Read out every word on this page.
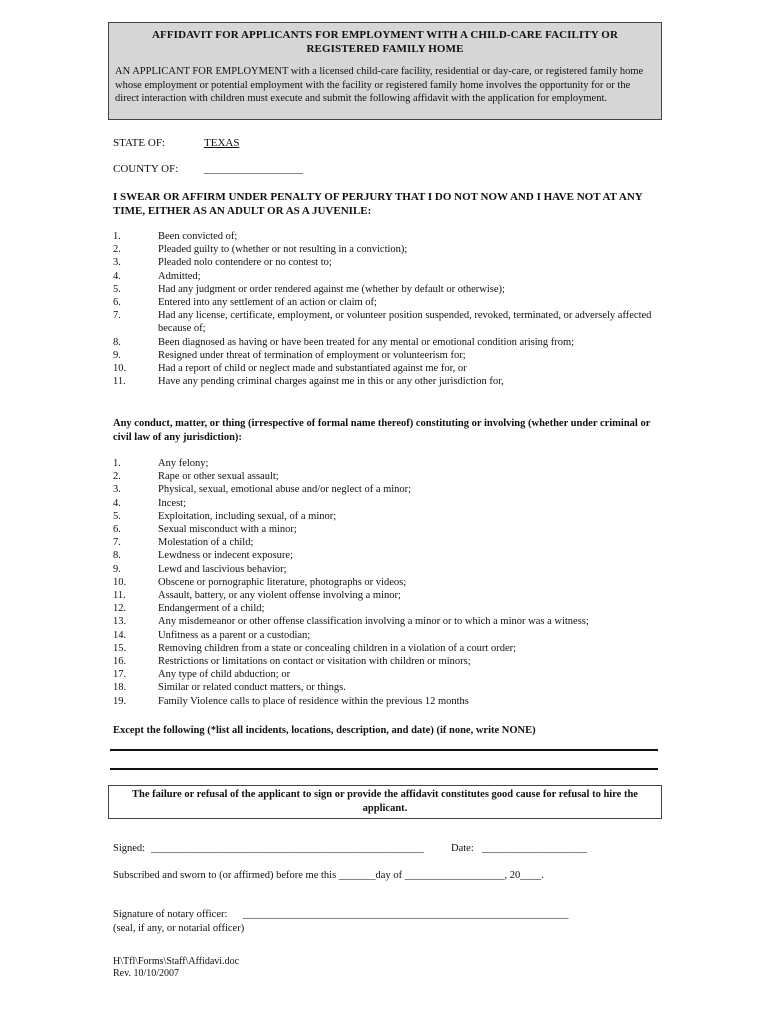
AFFIDAVIT FOR APPLICANTS FOR EMPLOYMENT WITH A CHILD-CARE FACILITY OR REGISTERED FAMILY HOME
AN APPLICANT FOR EMPLOYMENT with a licensed child-care facility, residential or day-care, or registered family home whose employment or potential employment with the facility or registered family home involves the opportunity for or the direct interaction with children must execute and submit the following affidavit with the application for employment.
STATE OF:	TEXAS
COUNTY OF: __________________
I SWEAR OR AFFIRM UNDER PENALTY OF PERJURY THAT I DO NOT NOW AND I HAVE NOT AT ANY TIME, EITHER AS AN ADULT OR AS A JUVENILE:
1.	Been convicted of;
2.	Pleaded guilty to (whether or not resulting in a conviction);
3.	Pleaded nolo contendere or no contest to;
4.	Admitted;
5.	Had any judgment or order rendered against me (whether by default or otherwise);
6.	Entered into any settlement of an action or claim of;
7.	Had any license, certificate, employment, or volunteer position suspended, revoked, terminated, or adversely affected because of;
8.	Been diagnosed as having or have been treated for any mental or emotional condition arising from;
9.	Resigned under threat of termination of employment or volunteerism for;
10.	Had a report of child or neglect made and substantiated against me for, or
11.	Have any pending criminal charges against me in this or any other jurisdiction for,
Any conduct, matter, or thing (irrespective of formal name thereof) constituting or involving (whether under criminal or civil law of any jurisdiction):
1.	Any felony;
2.	Rape or other sexual assault;
3.	Physical, sexual, emotional abuse and/or neglect of a minor;
4.	Incest;
5.	Exploitation, including sexual, of a minor;
6.	Sexual misconduct with a minor;
7.	Molestation of a child;
8.	Lewdness or indecent exposure;
9.	Lewd and lascivious behavior;
10.	Obscene or pornographic literature, photographs or videos;
11.	Assault, battery, or any violent offense involving a minor;
12.	Endangerment of a child;
13.	Any misdemeanor or other offense classification involving a minor or to which a minor was a witness;
14.	Unfitness as a parent or a custodian;
15.	Removing children from a state or concealing children in a violation of a court order;
16.	Restrictions or limitations on contact or visitation with children or minors;
17.	Any type of child abduction; or
18.	Similar or related conduct matters, or things.
19.	Family Violence calls to place of residence within the previous 12 months
Except the following (*list all incidents, locations, description, and date) (if none, write NONE)
The failure or refusal of the applicant to sign or provide the affidavit constitutes good cause for refusal to hire the applicant.
Signed: ____________________________________________________	Date: ____________________
Subscribed and sworn to (or affirmed) before me this _______day of ___________________, 20____.
Signature of notary officer: ______________________________________________________________
(seal, if any, or notarial officer)
H\Tfl\Forms\Staff\Affidavi.doc
Rev. 10/10/2007
